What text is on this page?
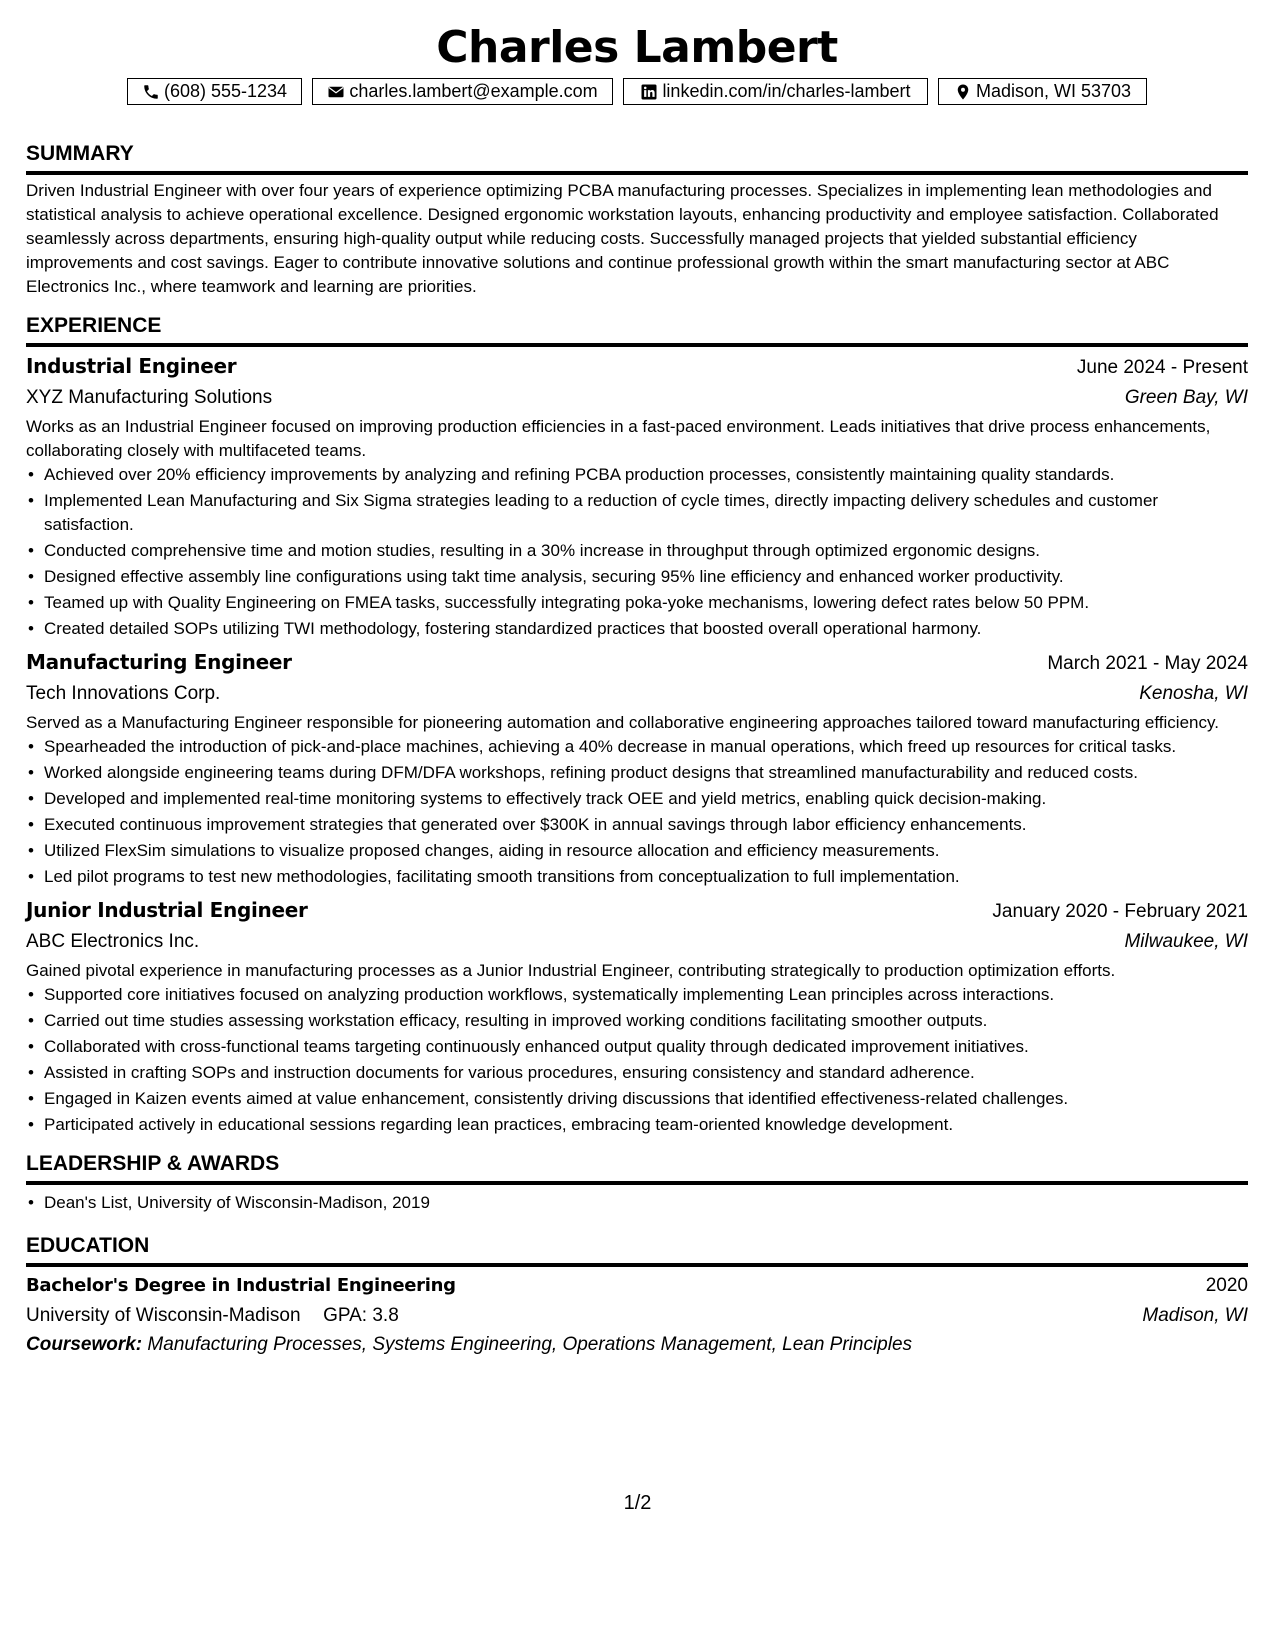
Charles Lambert
(608) 555-1234	charles.lambert@example.com	linkedin.com/in/charles-lambert	Madison, WI 53703
SUMMARY

Driven Industrial Engineer with over four years of experience optimizing PCBA manufacturing processes. Specializes in implementing lean methodologies and statistical analysis to achieve operational excellence. Designed ergonomic workstation layouts, enhancing productivity and employee satisfaction. Collaborated seamlessly across departments, ensuring high-quality output while reducing costs. Successfully managed projects that yielded substantial efficiency improvements and cost savings. Eager to contribute innovative solutions and continue professional growth within the smart manufacturing sector at ABC Electronics Inc., where teamwork and learning are priorities.

EXPERIENCE
Industrial Engineer	June 2024 - Present
XYZ Manufacturing Solutions	Green Bay, WI

Works as an Industrial Engineer focused on improving production efficiencies in a fast-paced environment. Leads initiatives that drive process enhancements, collaborating closely with multifaceted teams.

• Achieved over 20% efficiency improvements by analyzing and refining PCBA production processes, consistently maintaining quality standards.
• Implemented Lean Manufacturing and Six Sigma strategies leading to a reduction of cycle times, directly impacting delivery schedules and customer satisfaction.
• Conducted comprehensive time and motion studies, resulting in a 30% increase in throughput through optimized ergonomic designs.
• Designed effective assembly line configurations using takt time analysis, securing 95% line efficiency and enhanced worker productivity.
• Teamed up with Quality Engineering on FMEA tasks, successfully integrating poka-yoke mechanisms, lowering defect rates below 50 PPM.
• Created detailed SOPs utilizing TWI methodology, fostering standardized practices that boosted overall operational harmony.
Manufacturing Engineer	March 2021 - May 2024
Tech Innovations Corp.	Kenosha, WI

Served as a Manufacturing Engineer responsible for pioneering automation and collaborative engineering approaches tailored toward manufacturing efficiency.

• Spearheaded the introduction of pick-and-place machines, achieving a 40% decrease in manual operations, which freed up resources for critical tasks.
• Worked alongside engineering teams during DFM/DFA workshops, refining product designs that streamlined manufacturability and reduced costs.
• Developed and implemented real-time monitoring systems to effectively track OEE and yield metrics, enabling quick decision-making.
• Executed continuous improvement strategies that generated over $300K in annual savings through labor efficiency enhancements.
• Utilized FlexSim simulations to visualize proposed changes, aiding in resource allocation and efficiency measurements.
• Led pilot programs to test new methodologies, facilitating smooth transitions from conceptualization to full implementation.
Junior Industrial Engineer	January 2020 - February 2021
ABC Electronics Inc.	Milwaukee, WI

Gained pivotal experience in manufacturing processes as a Junior Industrial Engineer, contributing strategically to production optimization efforts.

• Supported core initiatives focused on analyzing production workflows, systematically implementing Lean principles across interactions.
• Carried out time studies assessing workstation efficacy, resulting in improved working conditions facilitating smoother outputs.
• Collaborated with cross-functional teams targeting continuously enhanced output quality through dedicated improvement initiatives.
• Assisted in crafting SOPs and instruction documents for various procedures, ensuring consistency and standard adherence.
• Engaged in Kaizen events aimed at value enhancement, consistently driving discussions that identified effectiveness-related challenges.
• Participated actively in educational sessions regarding lean practices, embracing team-oriented knowledge development.
LEADERSHIP & AWARDS
• Dean's List, University of Wisconsin-Madison, 2019
EDUCATION
Bachelor's Degree in Industrial Engineering	2020
University of Wisconsin-Madison GPA: 3.8	Madison, WI
Coursework: Manufacturing Processes, Systems Engineering, Operations Management, Lean Principles
1/2
